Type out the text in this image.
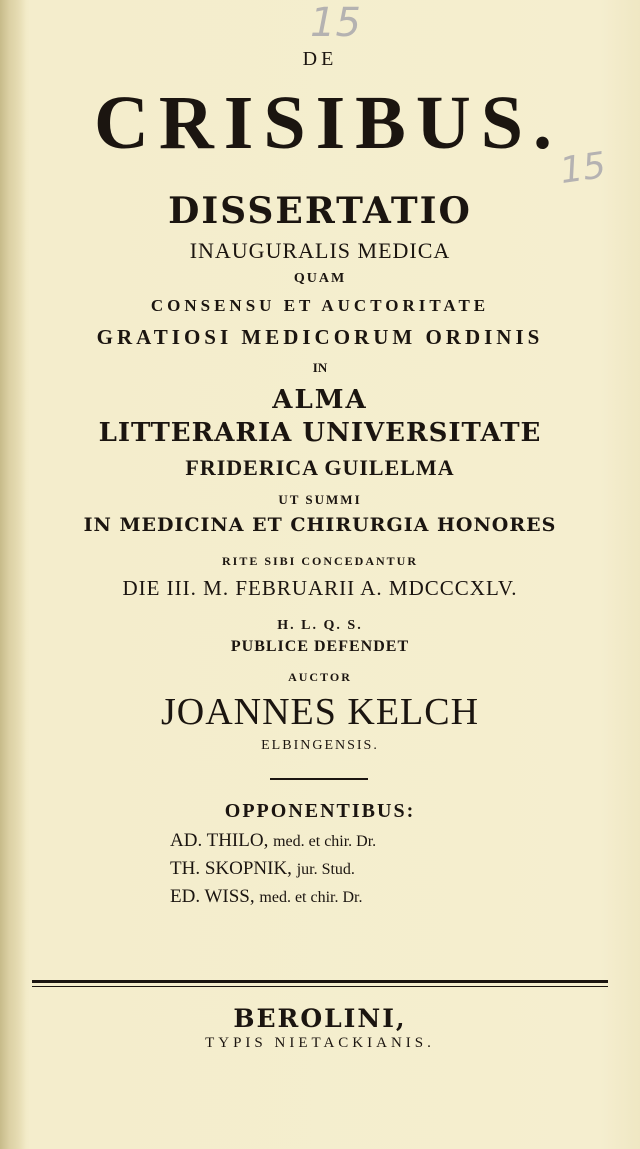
15
15
DE
CRISIBUS.
DISSERTATIO
INAUGURALIS MEDICA
QUAM
CONSENSU ET AUCTORITATE
GRATIOSI MEDICORUM ORDINIS
IN
ALMA
LITTERARIA UNIVERSITATE
FRIDERICA GUILELMA
UT SUMMI
IN MEDICINA ET CHIRURGIA HONORES
RITE SIBI CONCEDANTUR
DIE III. M. FEBRUARII A. MDCCCXLV.
H. L. Q. S.
PUBLICE DEFENDET
AUCTOR
JOANNES KELCH
ELBINGENSIS.
OPPONENTIBUS:
AD. THILO, med. et chir. Dr.
TH. SKOPNIK, jur. Stud.
ED. WISS, med. et chir. Dr.
BEROLINI,
TYPIS NIETACKIANIS.
